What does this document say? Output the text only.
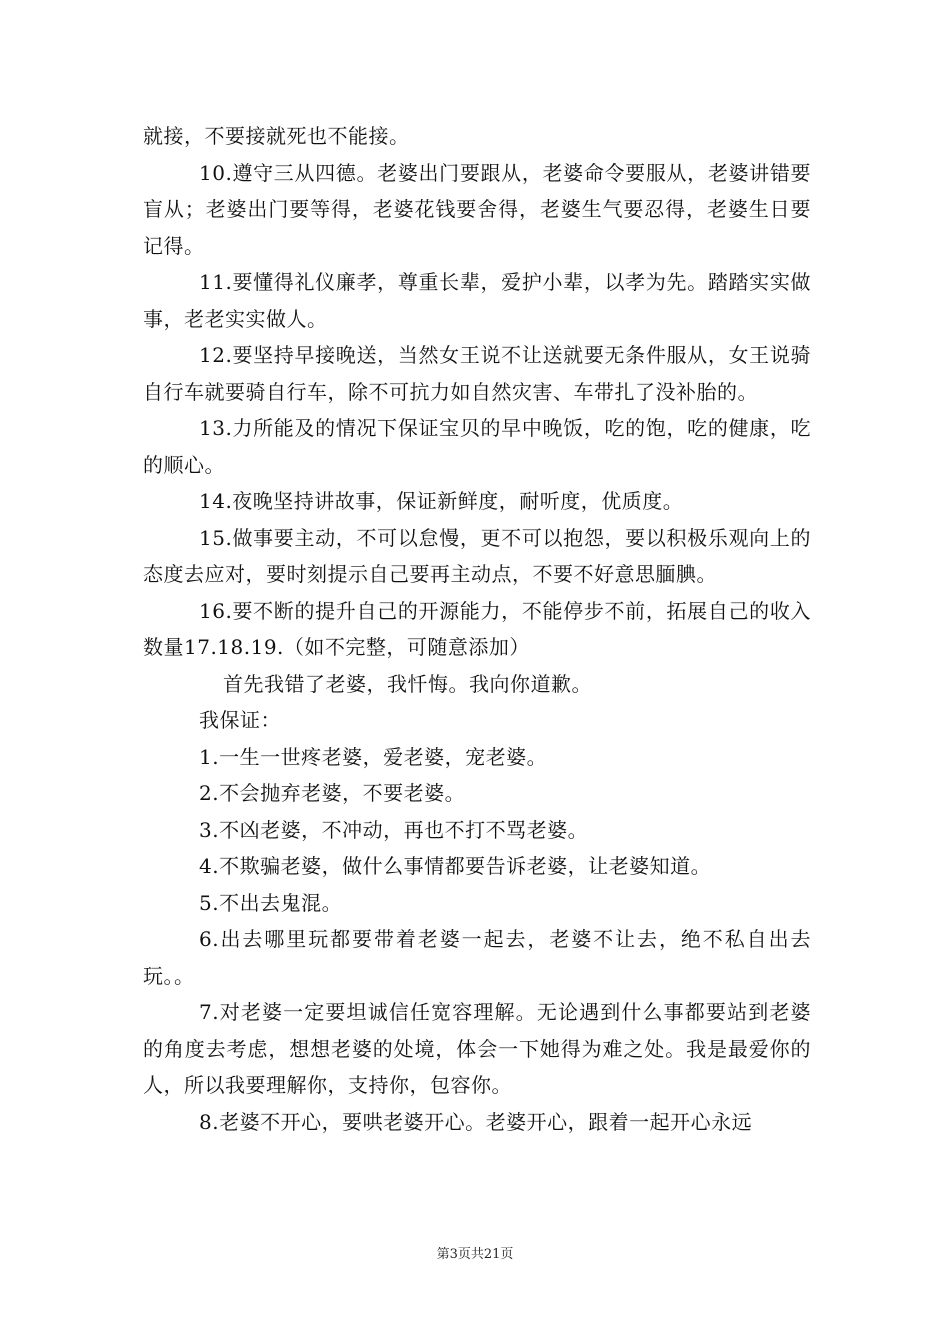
就接，不要接就死也不能接。

10.遵守三从四德。老婆出门要跟从，老婆命令要服从，老婆讲错要盲从；老婆出门要等得，老婆花钱要舍得，老婆生气要忍得，老婆生日要记得。

11.要懂得礼仪廉孝，尊重长辈，爱护小辈，以孝为先。踏踏实实做事，老老实实做人。

12.要坚持早接晚送，当然女王说不让送就要无条件服从，女王说骑自行车就要骑自行车，除不可抗力如自然灾害、车带扎了没补胎的。

13.力所能及的情况下保证宝贝的早中晚饭，吃的饱，吃的健康，吃的顺心。

14.夜晚坚持讲故事，保证新鲜度，耐听度，优质度。

15.做事要主动，不可以怠慢，更不可以抱怨，要以积极乐观向上的态度去应对，要时刻提示自己要再主动点，不要不好意思腼腆。

16.要不断的提升自己的开源能力，不能停步不前，拓展自己的收入数量17.18.19.（如不完整，可随意添加）

首先我错了老婆，我忏悔。我向你道歉。

我保证：

1.一生一世疼老婆，爱老婆，宠老婆。

2.不会抛弃老婆，不要老婆。

3.不凶老婆，不冲动，再也不打不骂老婆。

4.不欺骗老婆，做什么事情都要告诉老婆，让老婆知道。

5.不出去鬼混。

6.出去哪里玩都要带着老婆一起去，老婆不让去，绝不私自出去玩。。

7.对老婆一定要坦诚信任宽容理解。无论遇到什么事都要站到老婆的角度去考虑，想想老婆的处境，体会一下她得为难之处。我是最爱你的人，所以我要理解你，支持你，包容你。

8.老婆不开心，要哄老婆开心。老婆开心，跟着一起开心永远

第3页共21页
